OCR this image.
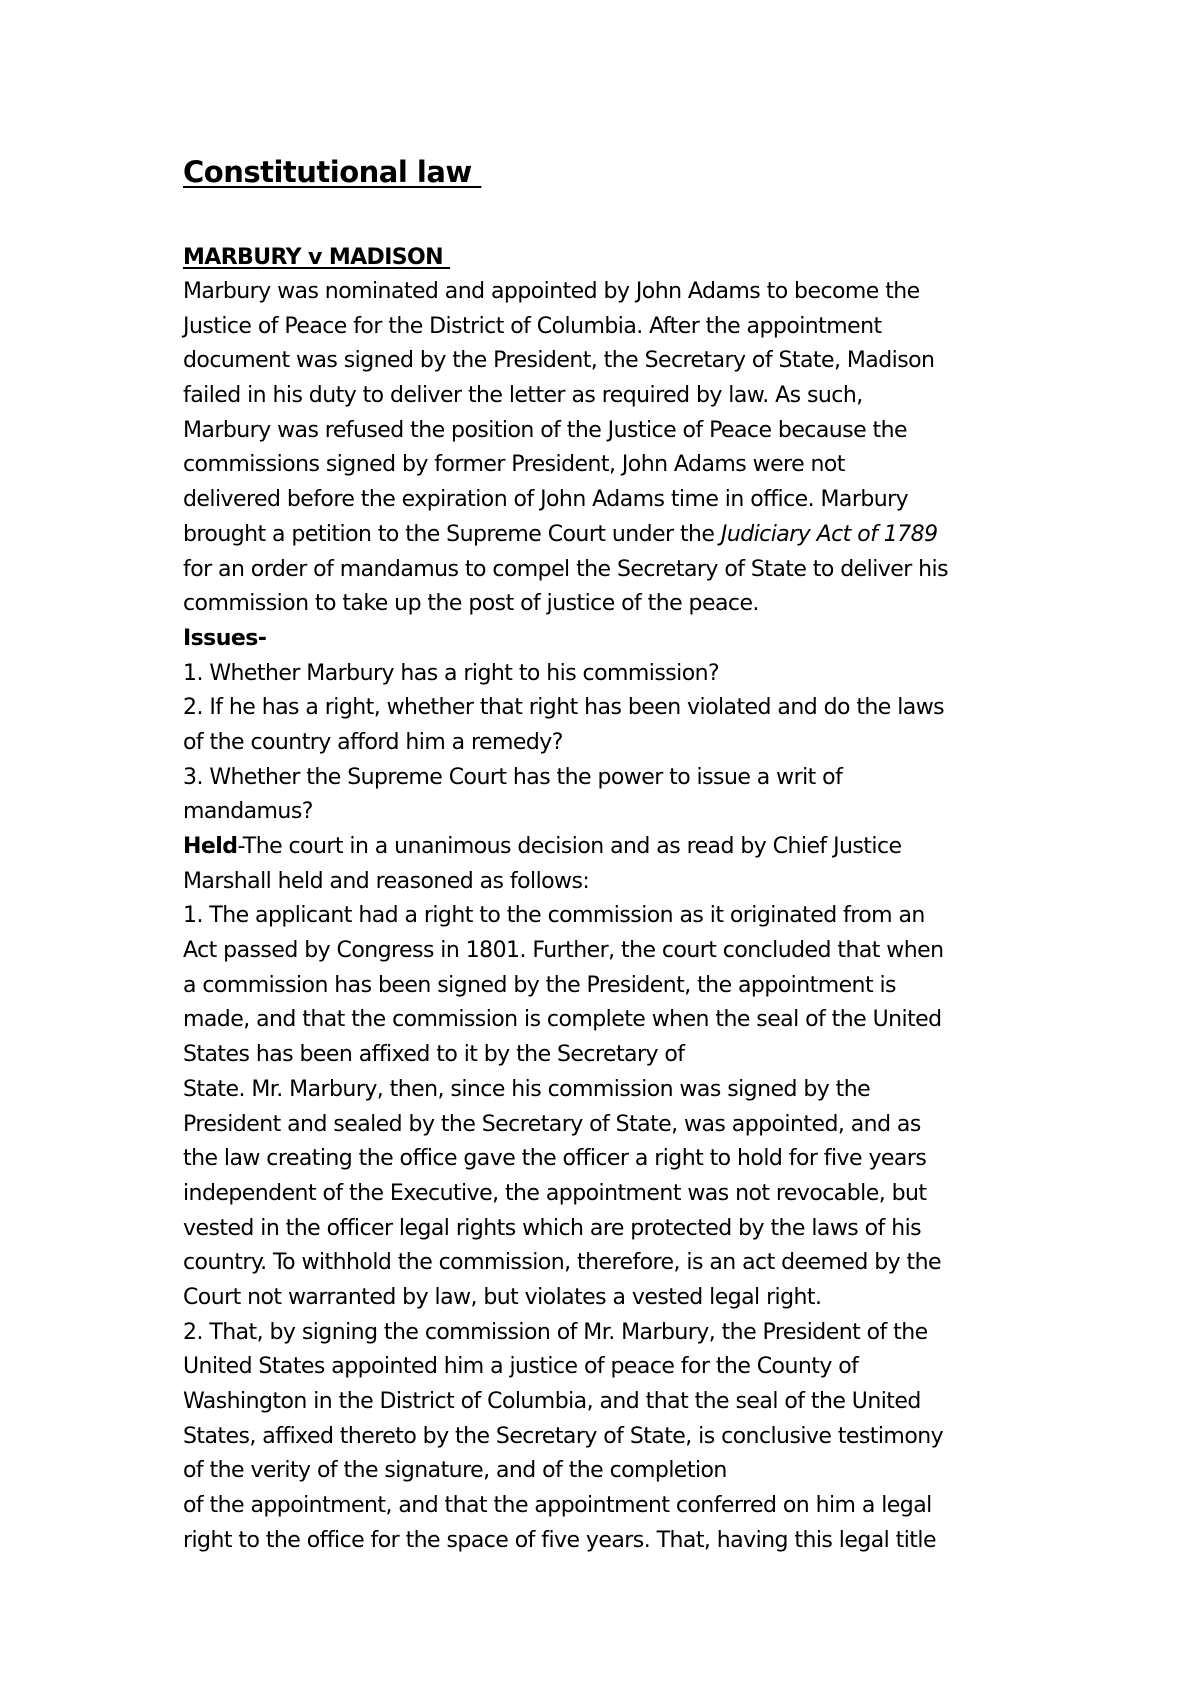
Constitutional law
MARBURY v MADISON
Marbury was nominated and appointed by John Adams to become the
Justice of Peace for the District of Columbia. After the appointment
document was signed by the President, the Secretary of State, Madison
failed in his duty to deliver the letter as required by law. As such,
Marbury was refused the position of the Justice of Peace because the
commissions signed by former President, John Adams were not
delivered before the expiration of John Adams time in office. Marbury
brought a petition to the Supreme Court under the Judiciary Act of 1789
for an order of mandamus to compel the Secretary of State to deliver his
commission to take up the post of justice of the peace.
Issues-
1. Whether Marbury has a right to his commission?
2. If he has a right, whether that right has been violated and do the laws
of the country afford him a remedy?
3. Whether the Supreme Court has the power to issue a writ of
mandamus?
Held-The court in a unanimous decision and as read by Chief Justice
Marshall held and reasoned as follows:
1. The applicant had a right to the commission as it originated from an
Act passed by Congress in 1801. Further, the court concluded that when
a commission has been signed by the President, the appointment is
made, and that the commission is complete when the seal of the United
States has been affixed to it by the Secretary of
State. Mr. Marbury, then, since his commission was signed by the
President and sealed by the Secretary of State, was appointed, and as
the law creating the office gave the officer a right to hold for five years
independent of the Executive, the appointment was not revocable, but
vested in the officer legal rights which are protected by the laws of his
country. To withhold the commission, therefore, is an act deemed by the
Court not warranted by law, but violates a vested legal right.
2. That, by signing the commission of Mr. Marbury, the President of the
United States appointed him a justice of peace for the County of
Washington in the District of Columbia, and that the seal of the United
States, affixed thereto by the Secretary of State, is conclusive testimony
of the verity of the signature, and of the completion
of the appointment, and that the appointment conferred on him a legal
right to the office for the space of five years. That, having this legal title
